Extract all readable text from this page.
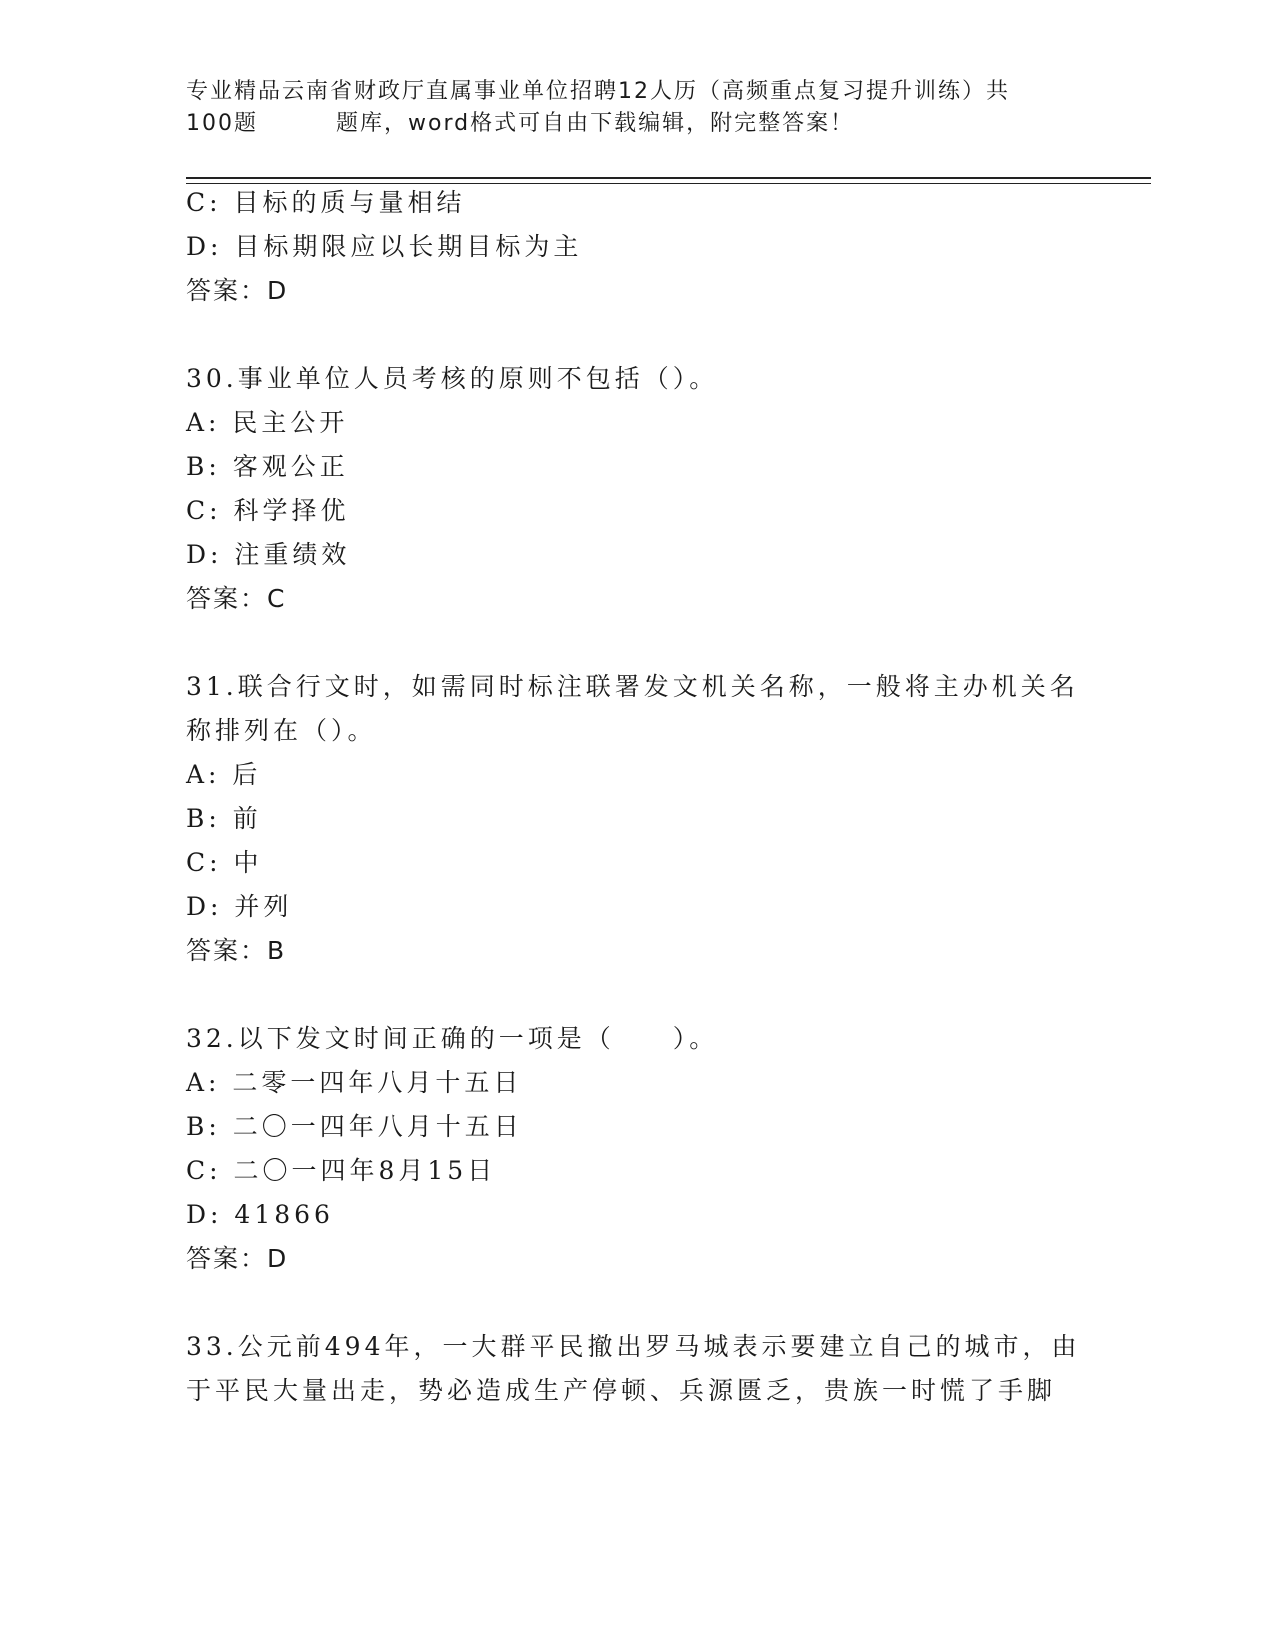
专业精品云南省财政厅直属事业单位招聘12人历（高频重点复习提升训练）共
100题	题库，word格式可自由下载编辑，附完整答案！
C: 目标的质与量相结
D: 目标期限应以长期目标为主
答案：D
30.事业单位人员考核的原则不包括（）。
A: 民主公开
B: 客观公正
C: 科学择优
D: 注重绩效
答案：C
31.联合行文时，如需同时标注联署发文机关名称，一般将主办机关名
称排列在（）。
A: 后
B: 前
C: 中
D: 并列
答案：B
32.以下发文时间正确的一项是（　　）。
A: 二零一四年八月十五日
B: 二〇一四年八月十五日
C: 二〇一四年8月15日
D: 41866
答案：D
33.公元前494年，一大群平民撤出罗马城表示要建立自己的城市，由
于平民大量出走，势必造成生产停顿、兵源匮乏，贵族一时慌了手脚
